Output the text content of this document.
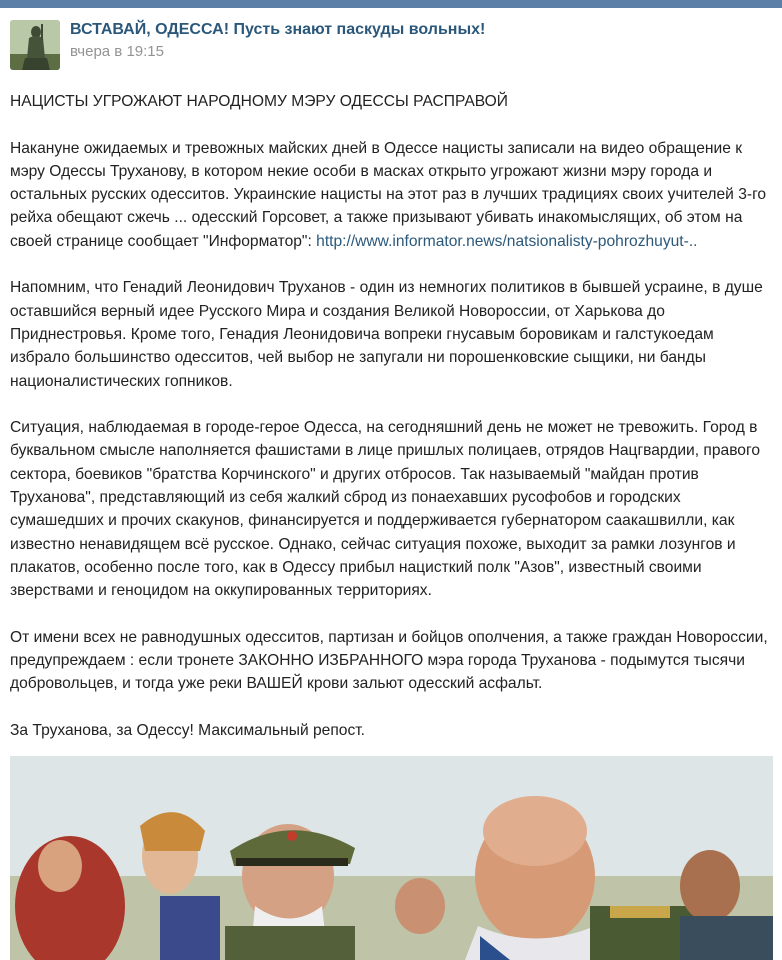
ВСТАВАЙ, ОДЕССА! Пусть знают паскуды вольных!
вчера в 19:15

НАЦИСТЫ УГРОЖАЮТ НАРОДНОМУ МЭРУ ОДЕССЫ РАСПРАВОЙ

Накануне ожидаемых и тревожных майских дней в Одессе нацисты записали на видео обращение к мэру Одессы Труханову, в котором некие особи в масках открыто угрожают жизни мэру города и остальных русских одесситов. Украинские нацисты на этот раз в лучших традициях своих учителей 3-го рейха обещают сжечь ... одесский Горсовет, а также призывают убивать инакомыслящих, об этом на своей странице сообщает "Информатор": http://www.informator.news/natsionalisty-pohrozhuyut-..

Напомним, что Генадий Леонидович Труханов - один из немногих политиков в бывшей усраине, в душе оставшийся верный идее Русского Мира и создания Великой Новороссии, от Харькова до Приднестровья. Кроме того, Генадия Леонидовича вопреки гнусавым боровикам и галстукоедам избрало большинство одесситов, чей выбор не запугали ни порошенковские сыщики, ни банды националистических гопников.

Ситуация, наблюдаемая в городе-герое Одесса, на сегодняшний день не может не тревожить. Город в буквальном смысле наполняется фашистами в лице пришлых полицаев, отрядов Нацгвардии, правого сектора, боевиков "братства Корчинского" и других отбросов. Так называемый "майдан против Труханова", представляющий из себя жалкий сброд из понаехавших русофобов и городских сумашедших и прочих скакунов, финансируется и поддерживается губернатором саакашвилли, как известно ненавидящем всё русское. Однако, сейчас ситуация похоже, выходит за рамки лозунгов и плакатов, особенно после того, как в Одессу прибыл нацисткий полк "Азов", известный своими зверствами и геноцидом на оккупированных территориях.

От имени всех не равнодушных одесситов, партизан и бойцов ополчения, а также граждан Новороссии, предупреждаем : если тронете ЗАКОННО ИЗБРАННОГО мэра города Труханова - подымутся тысячи добровольцев, и тогда уже реки ВАШЕЙ крови зальют одесский асфальт.

За Труханова, за Одессу! Максимальный репост.
